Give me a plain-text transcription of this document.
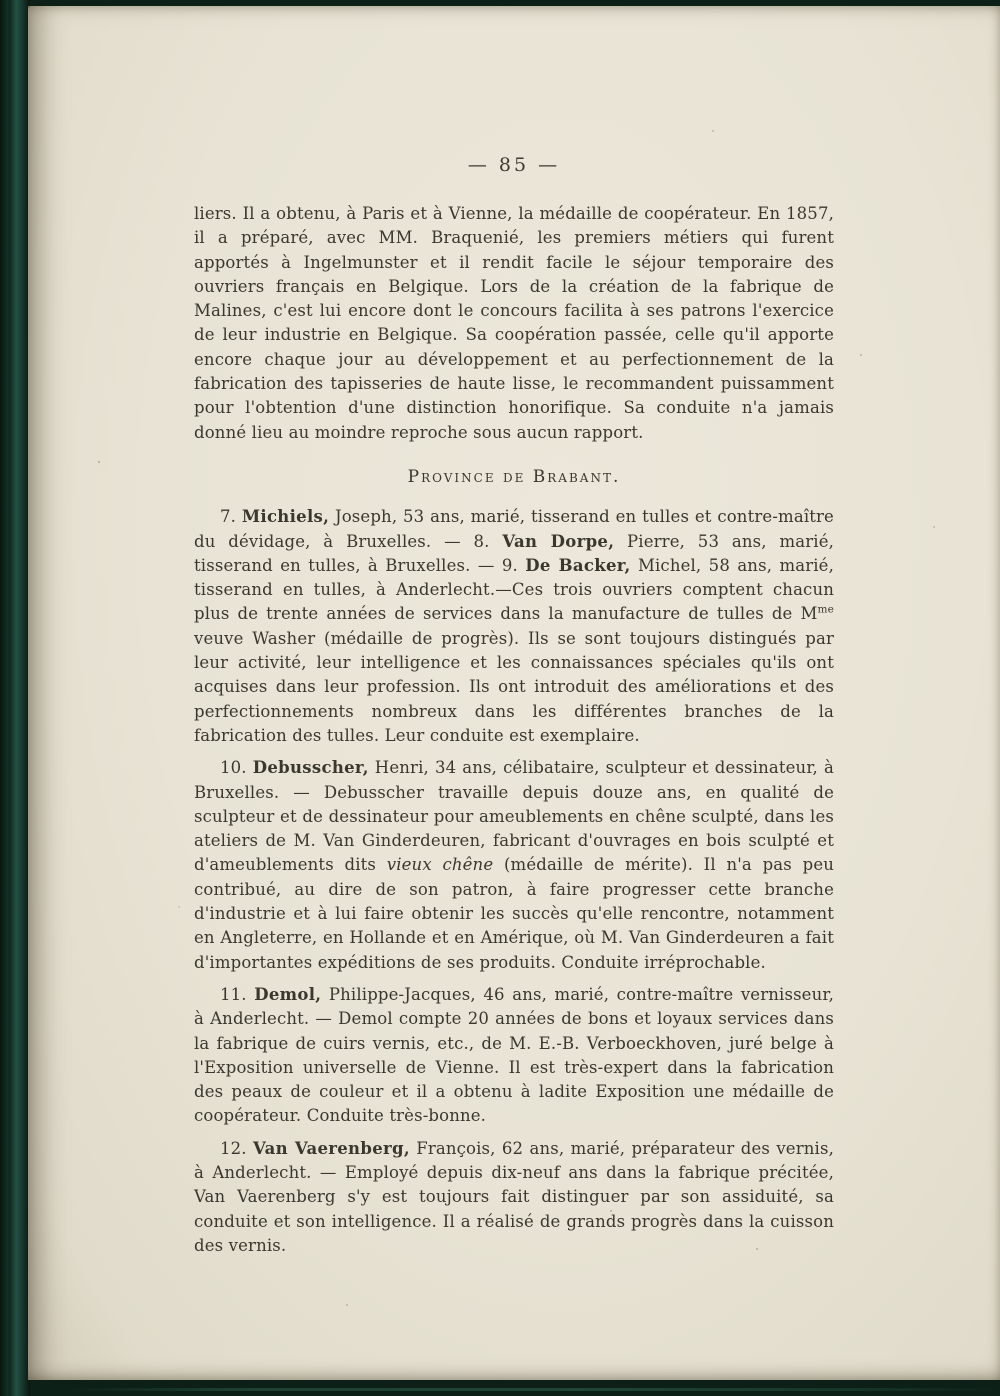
— 85 —

liers. Il a obtenu, à Paris et à Vienne, la médaille de coopérateur. En 1857, il a préparé, avec MM. Braquenié, les premiers métiers qui furent apportés à Ingelmunster et il rendit facile le séjour temporaire des ouvriers français en Belgique. Lors de la création de la fabrique de Malines, c'est lui encore dont le concours facilita à ses patrons l'exercice de leur industrie en Belgique. Sa coopération passée, celle qu'il apporte encore chaque jour au développement et au perfectionnement de la fabrication des tapisseries de haute lisse, le recommandent puissamment pour l'obtention d'une distinction honorifique. Sa conduite n'a jamais donné lieu au moindre reproche sous aucun rapport.

Province de Brabant.

7. Michiels, Joseph, 53 ans, marié, tisserand en tulles et contre-maître du dévidage, à Bruxelles. — 8. Van Dorpe, Pierre, 53 ans, marié, tisserand en tulles, à Bruxelles. — 9. De Backer, Michel, 58 ans, marié, tisserand en tulles, à Anderlecht.—Ces trois ouvriers comptent chacun plus de trente années de services dans la manufacture de tulles de $M^{me}$ veuve Washer (médaille de progrès). Ils se sont toujours distingués par leur activité, leur intelligence et les connaissances spéciales qu'ils ont acquises dans leur profession. Ils ont introduit des améliorations et des perfectionnements nombreux dans les différentes branches de la fabrication des tulles. Leur conduite est exemplaire.

10. Debusscher, Henri, 34 ans, célibataire, sculpteur et dessinateur, à Bruxelles. — Debusscher travaille depuis douze ans, en qualité de sculpteur et de dessinateur pour ameublements en chêne sculpté, dans les ateliers de M. Van Ginderdeuren, fabricant d'ouvrages en bois sculpté et d'ameublements dits vieux chêne (médaille de mérite). Il n'a pas peu contribué, au dire de son patron, à faire progresser cette branche d'industrie et à lui faire obtenir les succès qu'elle rencontre, notamment en Angleterre, en Hollande et en Amérique, où M. Van Ginderdeuren a fait d'importantes expéditions de ses produits. Conduite irréprochable.

11. Demol, Philippe-Jacques, 46 ans, marié, contre-maître vernisseur, à Anderlecht. — Demol compte 20 années de bons et loyaux services dans la fabrique de cuirs vernis, etc., de M. E.-B. Verboeckhoven, juré belge à l'Exposition universelle de Vienne. Il est très-expert dans la fabrication des peaux de couleur et il a obtenu à ladite Exposition une médaille de coopérateur. Conduite très-bonne.

12. Van Vaerenberg, François, 62 ans, marié, préparateur des vernis, à Anderlecht. — Employé depuis dix-neuf ans dans la fabrique précitée, Van Vaerenberg s'y est toujours fait distinguer par son assiduité, sa conduite et son intelligence. Il a réalisé de grands progrès dans la cuisson des vernis.
